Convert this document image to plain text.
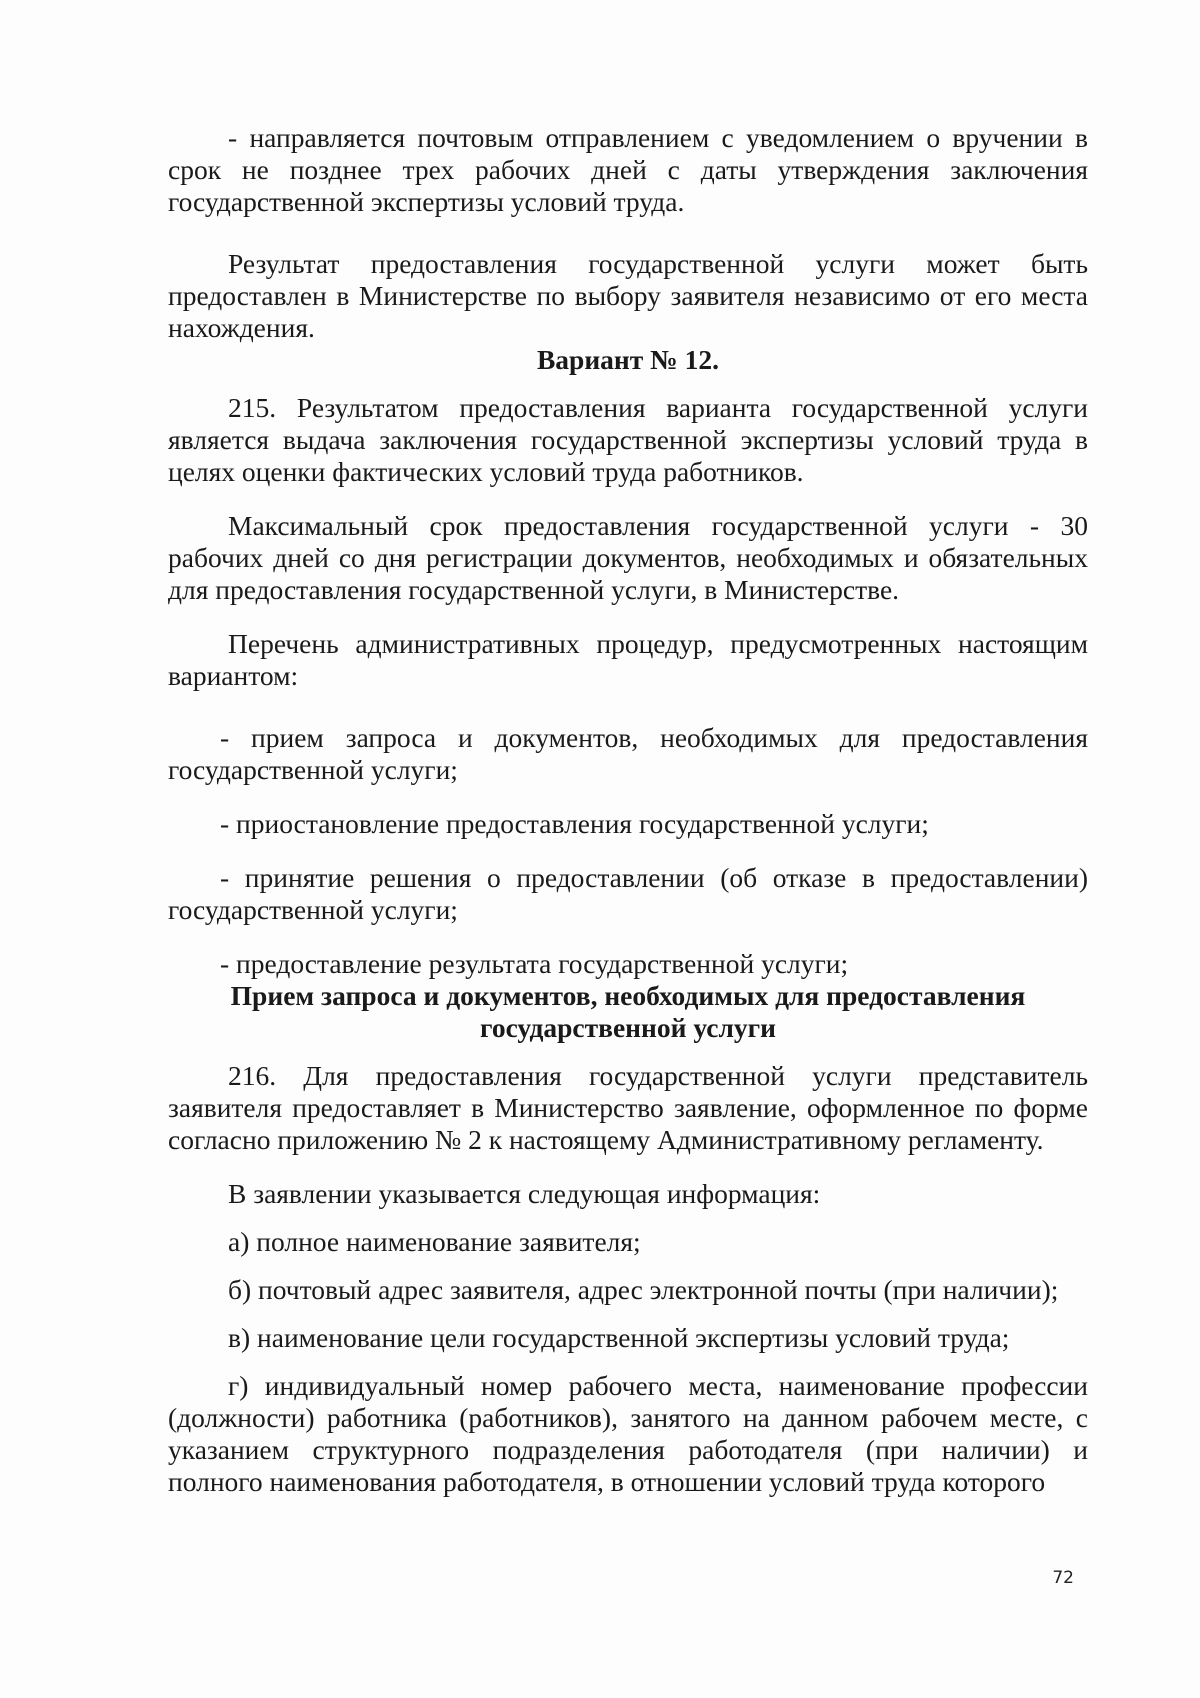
- направляется почтовым отправлением с уведомлением о вручении в срок не позднее трех рабочих дней с даты утверждения заключения государственной экспертизы условий труда.

Результат предоставления государственной услуги может быть предоставлен в Министерстве по выбору заявителя независимо от его места нахождения.

Вариант № 12.

215. Результатом предоставления варианта государственной услуги является выдача заключения государственной экспертизы условий труда в целях оценки фактических условий труда работников.

Максимальный срок предоставления государственной услуги - 30 рабочих дней со дня регистрации документов, необходимых и обязательных для предоставления государственной услуги, в Министерстве.

Перечень административных процедур, предусмотренных настоящим вариантом:

- прием запроса и документов, необходимых для предоставления государственной услуги;

- приостановление предоставления государственной услуги;

- принятие решения о предоставлении (об отказе в предоставлении) государственной услуги;

- предоставление результата государственной услуги;

Прием запроса и документов, необходимых для предоставления государственной услуги

216. Для предоставления государственной услуги представитель заявителя предоставляет в Министерство заявление, оформленное по форме согласно приложению № 2 к настоящему Административному регламенту.

В заявлении указывается следующая информация:

а) полное наименование заявителя;

б) почтовый адрес заявителя, адрес электронной почты (при наличии);

в) наименование цели государственной экспертизы условий труда;

г) индивидуальный номер рабочего места, наименование профессии (должности) работника (работников), занятого на данном рабочем месте, с указанием структурного подразделения работодателя (при наличии) и полного наименования работодателя, в отношении условий труда которого

72
